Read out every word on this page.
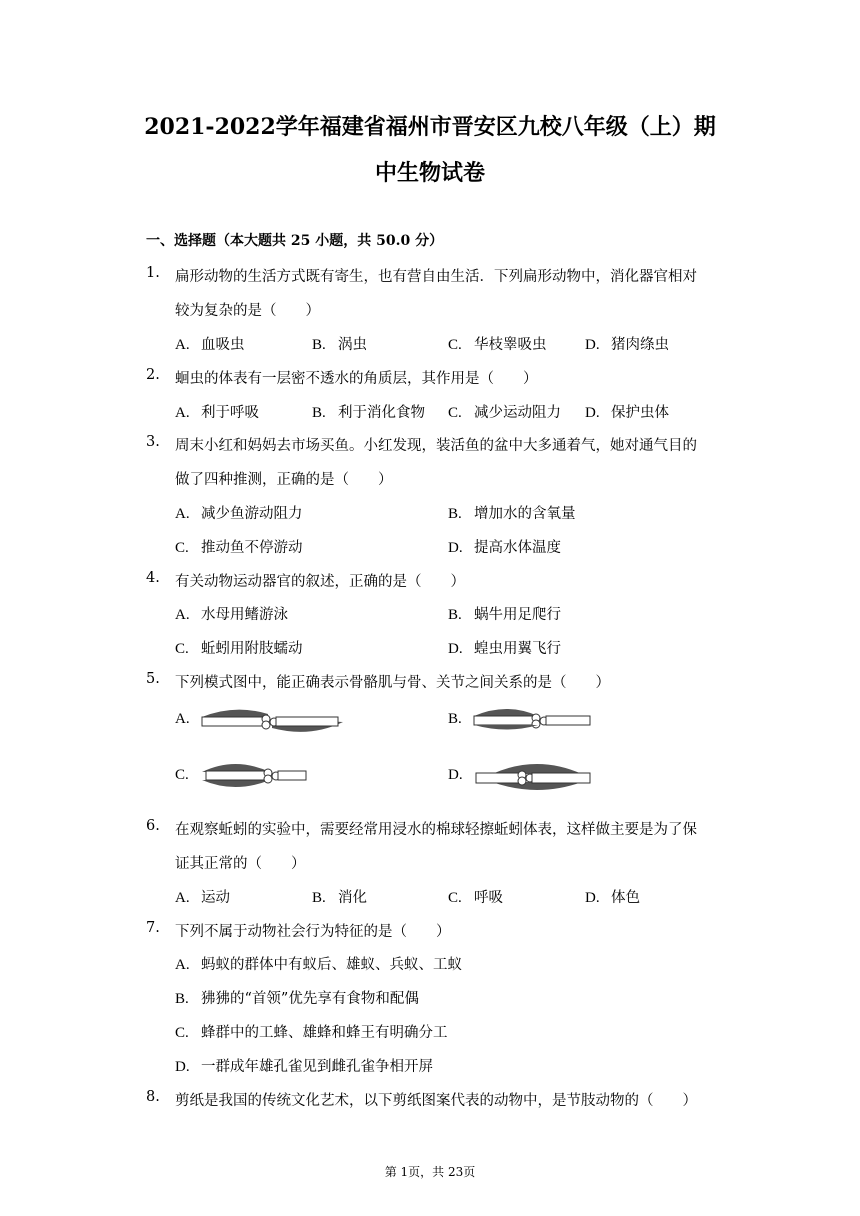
2021-2022学年福建省福州市晋安区九校八年级（上）期
中生物试卷
一、选择题（本大题共 25 小题，共 50.0 分）
1. 扁形动物的生活方式既有寄生，也有营自由生活．下列扁形动物中，消化器官相对
较为复杂的是（　　）
A. 血吸虫	B. 涡虫	C. 华枝睾吸虫	D. 猪肉绦虫
2. 蛔虫的体表有一层密不透水的角质层，其作用是（　　）
A. 利于呼吸	B. 利于消化食物 C. 减少运动阻力 D. 保护虫体
3. 周末小红和妈妈去市场买鱼。小红发现，装活鱼的盆中大多通着气，她对通气目的
做了四种推测，正确的是（　　）
A. 减少鱼游动阻力	B. 增加水的含氧量
C. 推动鱼不停游动	D. 提高水体温度
4. 有关动物运动器官的叙述，正确的是（　　）
A. 水母用鳍游泳	B. 蜗牛用足爬行
C. 蚯蚓用附肢蠕动	D. 蝗虫用翼飞行
5. 下列模式图中，能正确表示骨骼肌与骨、关节之间关系的是（　　）
A.	B.
C.	D.
6. 在观察蚯蚓的实验中，需要经常用浸水的棉球轻擦蚯蚓体表，这样做主要是为了保
证其正常的（　　）
A. 运动	B. 消化	C. 呼吸	D. 体色
7. 下列不属于动物社会行为特征的是（　　）
A. 蚂蚁的群体中有蚁后、雄蚁、兵蚁、工蚁
B. 狒狒的“首领”优先享有食物和配偶
C. 蜂群中的工蜂、雄蜂和蜂王有明确分工
D. 一群成年雄孔雀见到雌孔雀争相开屏
8. 剪纸是我国的传统文化艺术，以下剪纸图案代表的动物中，是节肢动物的（　　）
第 1页，共 23页
